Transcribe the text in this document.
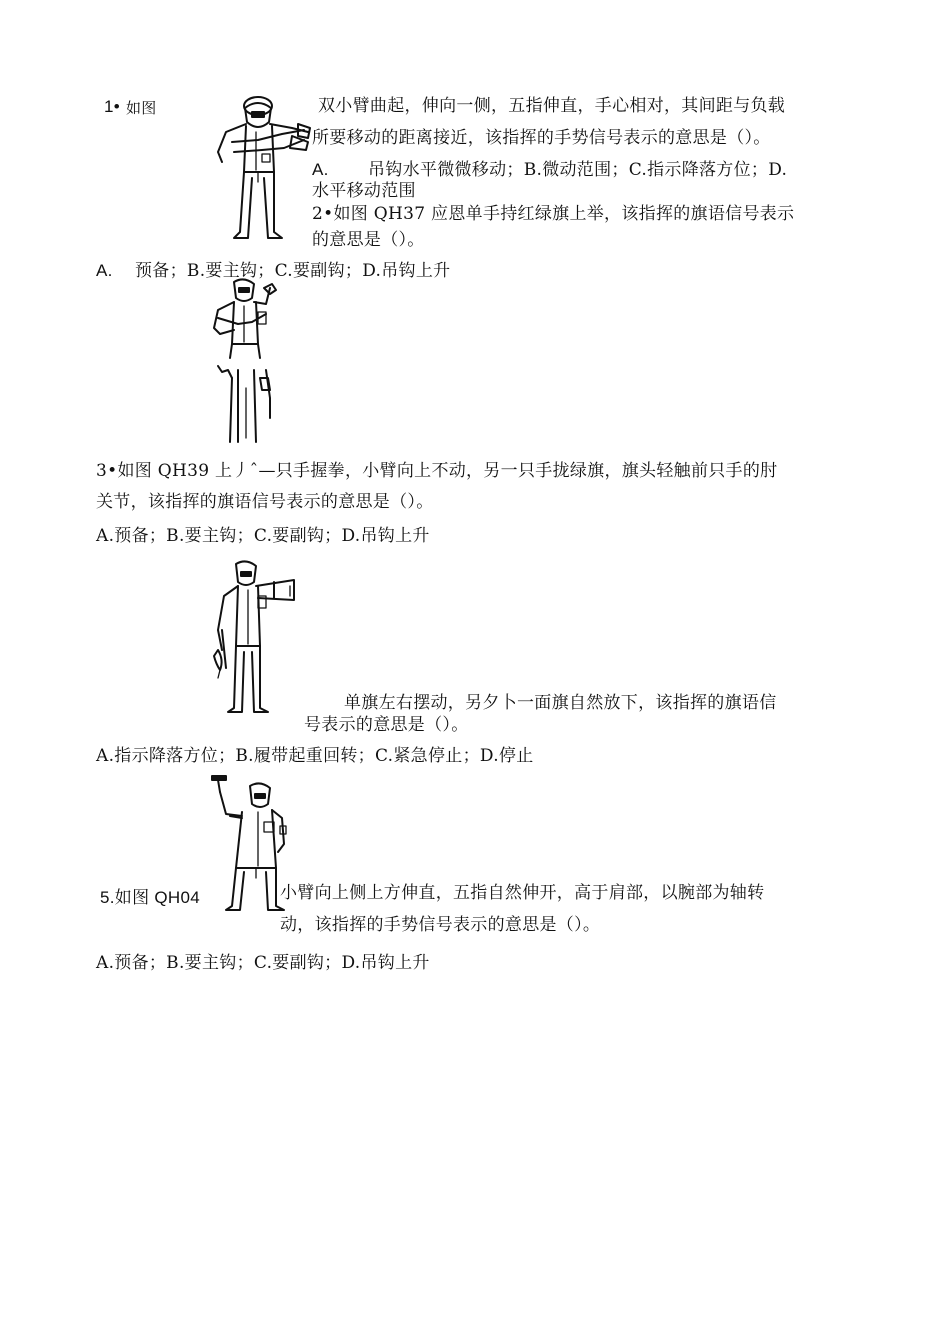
1• 如图	双小臂曲起，伸向一侧，五指伸直，手心相对，其间距与负载
所要移动的距离接近，该指挥的手势信号表示的意思是（）。
A. 吊钩水平微微移动；B.微动范围；C.指示降落方位；D.
水平移动范围
2•如图 QH37 应恩单手持红绿旗上举，该指挥的旗语信号表示
的意思是（）。
A. 预备；B.要主钩；C.要副钩；D.吊钩上升
3•如图 QH39 上丿ˆ—只手握拳，小臂向上不动，另一只手拢绿旗，旗头轻触前只手的肘
关节，该指挥的旗语信号表示的意思是（）。
A.预备；B.要主钩；C.要副钩；D.吊钩上升
单旗左右摆动，另夕卜一面旗自然放下，该指挥的旗语信
号表示的意思是（）。
A.指示降落方位；B.履带起重回转；C.紧急停止；D.停止
5.如图 QH04	小臂向上侧上方伸直，五指自然伸开，高于肩部，以腕部为轴转
动，该指挥的手势信号表示的意思是（）。
A.预备；B.要主钩；C.要副钩；D.吊钩上升
